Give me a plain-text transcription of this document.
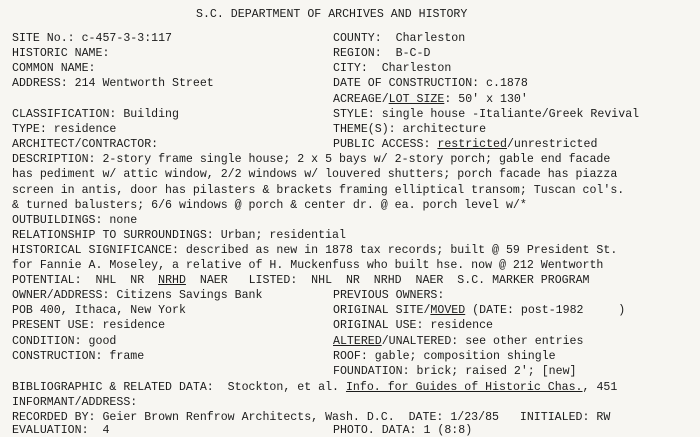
S.C. DEPARTMENT OF ARCHIVES AND HISTORY
SITE No.: c-457-3-3:117
HISTORIC NAME:
COMMON NAME:
ADDRESS: 214 Wentworth Street
CLASSIFICATION: Building
TYPE: residence
ARCHITECT/CONTRACTOR:
COUNTY:  Charleston
REGION:  B-C-D
CITY:  Charleston
DATE OF CONSTRUCTION: c.1878
ACREAGE/LOT SIZE: 50' x 130'
STYLE: single house -Italiante/Greek Revival
THEME(S): architecture
PUBLIC ACCESS: restricted/unrestricted
DESCRIPTION: 2-story frame single house; 2 x 5 bays w/ 2-story porch; gable end facade
has pediment w/ attic window, 2/2 windows w/ louvered shutters; porch facade has piazza
screen in antis, door has pilasters & brackets framing elliptical transom; Tuscan col's.
& turned balusters; 6/6 windows @ porch & center dr. @ ea. porch level w/*
OUTBUILDINGS: none
RELATIONSHIP TO SURROUNDINGS: Urban; residential
HISTORICAL SIGNIFICANCE: described as new in 1878 tax records; built @ 59 President St.
for Fannie A. Moseley, a relative of H. Muckenfuss who built hse. now @ 212 Wentworth
POTENTIAL:  NHL  NR  NRHD  NAER   LISTED:  NHL  NR  NRHD  NAER  S.C. MARKER PROGRAM
OWNER/ADDRESS: Citizens Savings Bank
POB 400, Ithaca, New York
PRESENT USE: residence
CONDITION: good
CONSTRUCTION: frame
PREVIOUS OWNERS:
ORIGINAL SITE/MOVED (DATE: post-1982     )
ORIGINAL USE: residence
ALTERED/UNALTERED: see other entries
ROOF: gable; composition shingle
FOUNDATION: brick; raised 2'; [new]
BIBLIOGRAPHIC & RELATED DATA:  Stockton, et al. Info. for Guides of Historic Chas., 451
INFORMANT/ADDRESS:
RECORDED BY: Geier Brown Renfrow Architects, Wash. D.C.  DATE: 1/23/85   INITIALED: RW
EVALUATION:  4	PHOTO. DATA: 1 (8:8)
